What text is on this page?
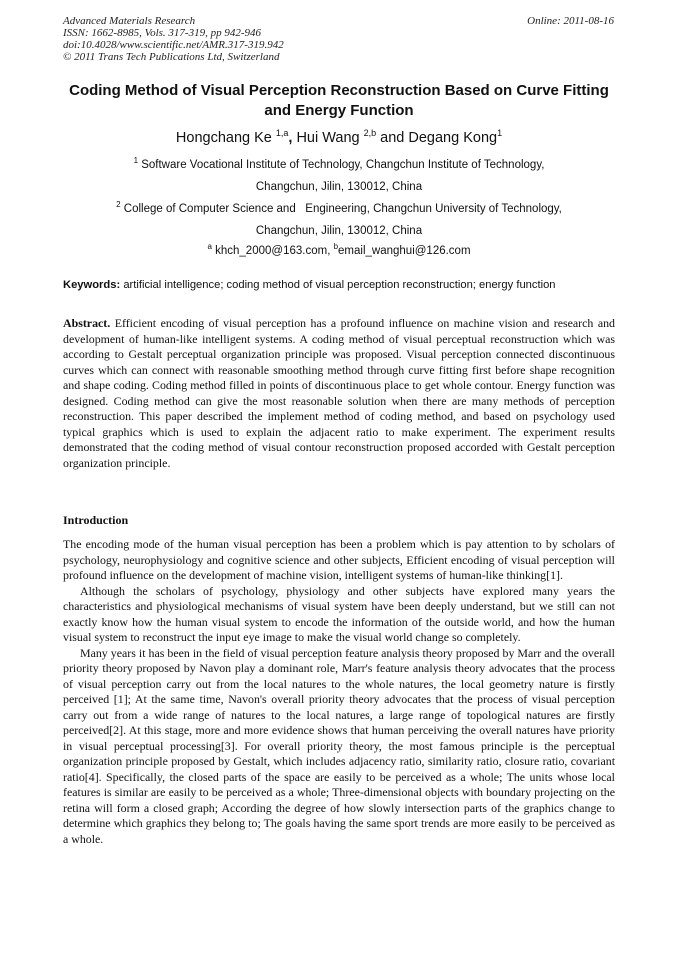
Advanced Materials Research
ISSN: 1662-8985, Vols. 317-319, pp 942-946
doi:10.4028/www.scientific.net/AMR.317-319.942
© 2011 Trans Tech Publications Ltd, Switzerland
Online: 2011-08-16
Coding Method of Visual Perception Reconstruction Based on Curve Fitting and Energy Function
Hongchang Ke $^{1,a}$, Hui Wang $^{2,b}$ and Degang Kong$^1$
$^1$ Software Vocational Institute of Technology, Changchun Institute of Technology,
Changchun, Jilin, 130012, China
$^2$ College of Computer Science and   Engineering, Changchun University of Technology,
Changchun, Jilin, 130012, China
$^a$ khch_2000@163.com, $^b$email_wanghui@126.com
Keywords: artificial intelligence; coding method of visual perception reconstruction; energy function

Abstract. Efficient encoding of visual perception has a profound influence on machine vision and research and development of human-like intelligent systems. A coding method of visual perceptual reconstruction which was according to Gestalt perceptual organization principle was proposed. Visual perception connected discontinuous curves which can connect with reasonable smoothing method through curve fitting first before shape recognition and shape coding. Coding method filled in points of discontinuous place to get whole contour. Energy function was designed. Coding method can give the most reasonable solution when there are many methods of perception reconstruction. This paper described the implement method of coding method, and based on psychology used typical graphics which is used to explain the adjacent ratio to make experiment. The experiment results demonstrated that the coding method of visual contour reconstruction proposed accorded with Gestalt perception organization principle.

Introduction

The encoding mode of the human visual perception has been a problem which is pay attention to by scholars of psychology, neurophysiology and cognitive science and other subjects, Efficient encoding of visual perception will profound influence on the development of machine vision, intelligent systems of human-like thinking[1].

Although the scholars of psychology, physiology and other subjects have explored many years the characteristics and physiological mechanisms of visual system have been deeply understand, but we still can not exactly know how the human visual system to encode the information of the outside world, and how the human visual system to reconstruct the input eye image to make the visual world change so completely.

Many years it has been in the field of visual perception feature analysis theory proposed by Marr and the overall priority theory proposed by Navon play a dominant role, Marr's feature analysis theory advocates that the process of visual perception carry out from the local natures to the whole natures, the local geometry nature is firstly perceived [1]; At the same time, Navon's overall priority theory advocates that the process of visual perception carry out from a wide range of natures to the local natures, a large range of topological natures are firstly perceived[2]. At this stage, more and more evidence shows that human perceiving the overall natures have priority in visual perceptual processing[3]. For overall priority theory, the most famous principle is the perceptual organization principle proposed by Gestalt, which includes adjacency ratio, similarity ratio, closure ratio, covariant ratio[4]. Specifically, the closed parts of the space are easily to be perceived as a whole; The units whose local features is similar are easily to be perceived as a whole; Three-dimensional objects with boundary projecting on the retina will form a closed graph; According the degree of how slowly intersection parts of the graphics change to determine which graphics they belong to; The goals having the same sport trends are more easily to be perceived as a whole.
